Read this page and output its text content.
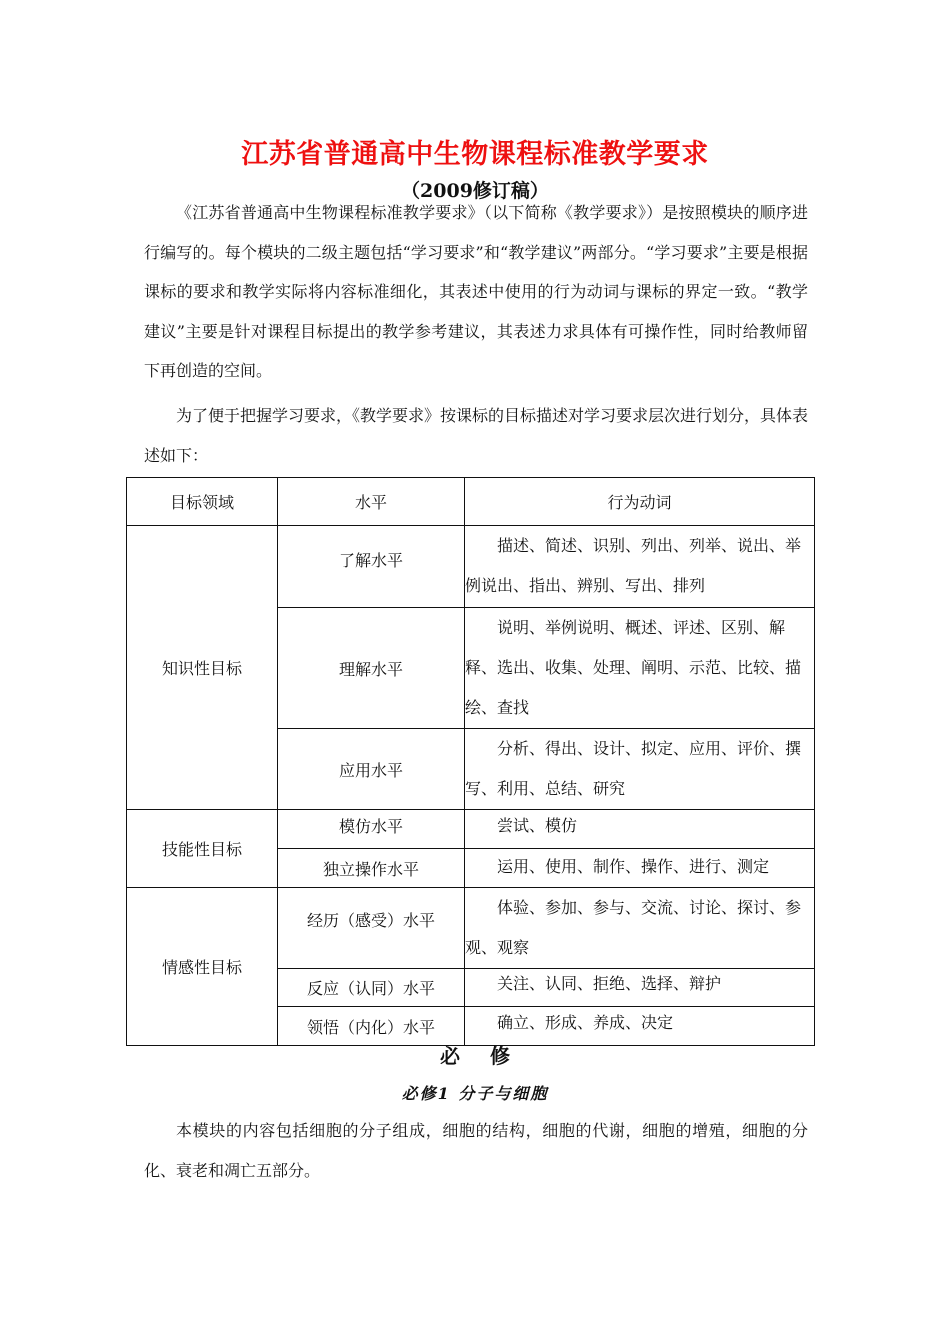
江苏省普通高中生物课程标准教学要求
（2009修订稿）
《江苏省普通高中生物课程标准教学要求》（以下简称《教学要求》）是按照模块的顺序进行编写的。每个模块的二级主题包括“学习要求”和“教学建议”两部分。“学习要求”主要是根据课标的要求和教学实际将内容标准细化，其表述中使用的行为动词与课标的界定一致。“教学建议”主要是针对课程目标提出的教学参考建议，其表述力求具体有可操作性，同时给教师留下再创造的空间。
为了便于把握学习要求，《教学要求》按课标的目标描述对学习要求层次进行划分，具体表述如下：
目标领域	水平	行为动词
知识性目标	了解水平	描述、简述、识别、列出、列举、说出、举例说出、指出、辨别、写出、排列
	理解水平	说明、举例说明、概述、评述、区别、解释、选出、收集、处理、阐明、示范、比较、描绘、查找
	应用水平	分析、得出、设计、拟定、应用、评价、撰写、利用、总结、研究
技能性目标	模仿水平	尝试、模仿
	独立操作水平	运用、使用、制作、操作、进行、测定
情感性目标	经历（感受）水平	体验、参加、参与、交流、讨论、探讨、参观、观察
	反应（认同）水平	关注、认同、拒绝、选择、辩护
	领悟（内化）水平	确立、形成、养成、决定
必修
必修1 分子与细胞
本模块的内容包括细胞的分子组成，细胞的结构，细胞的代谢，细胞的增殖，细胞的分化、衰老和凋亡五部分。
